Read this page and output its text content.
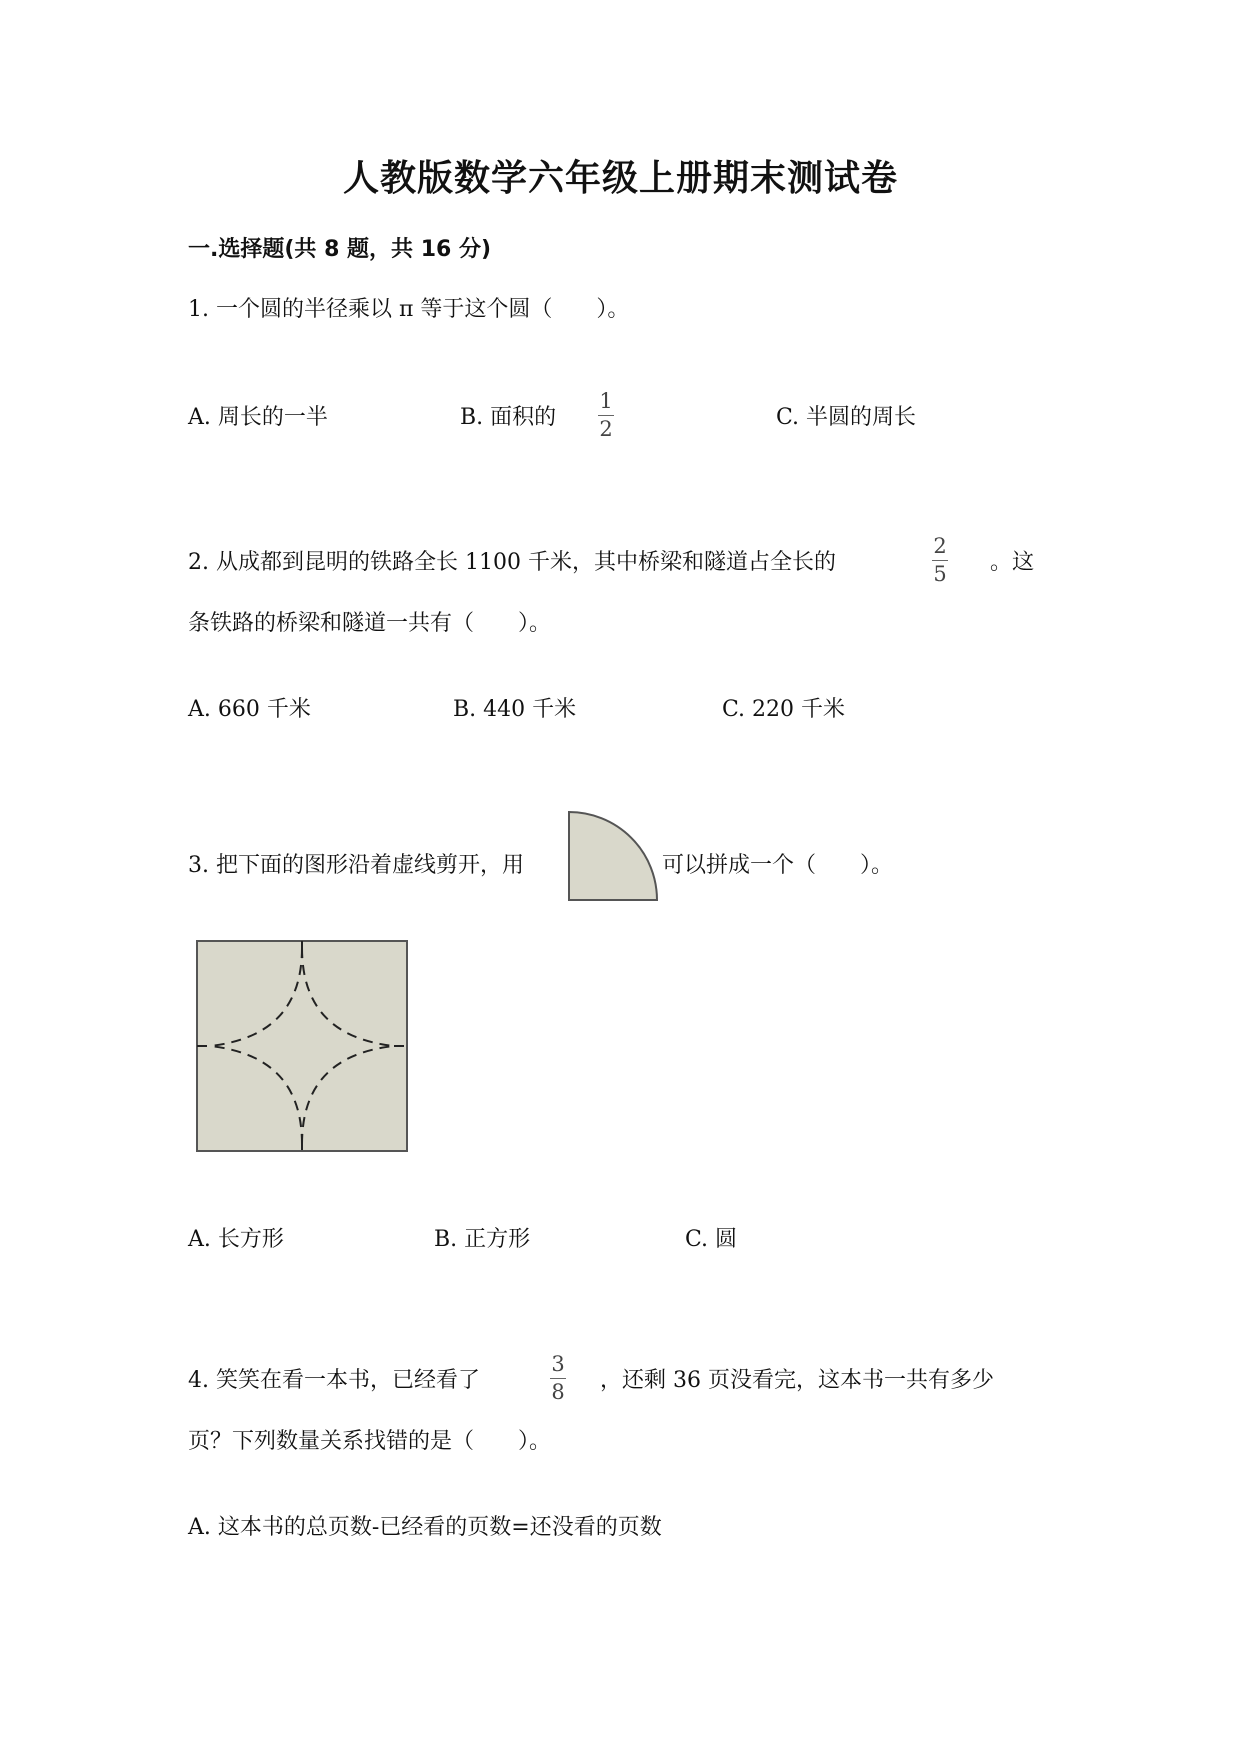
人教版数学六年级上册期末测试卷
一.选择题(共 8 题，共 16 分)
1. 一个圆的半径乘以 π 等于这个圆（　　）。
A. 周长的一半	B. 面积的
1
2	C. 半圆的周长
2. 从成都到昆明的铁路全长 1100 千米，其中桥梁和隧道占全长的
2
5 。这
条铁路的桥梁和隧道一共有（　　）。
A. 660 千米	B. 440 千米	C. 220 千米
3. 把下面的图形沿着虚线剪开，用	可以拼成一个（　　）。
A. 长方形	B. 正方形	C. 圆
4. 笑笑在看一本书，已经看了
3
8 ，还剩 36 页没看完，这本书一共有多少
页？下列数量关系找错的是（　　）。
A. 这本书的总页数-已经看的页数=还没看的页数
